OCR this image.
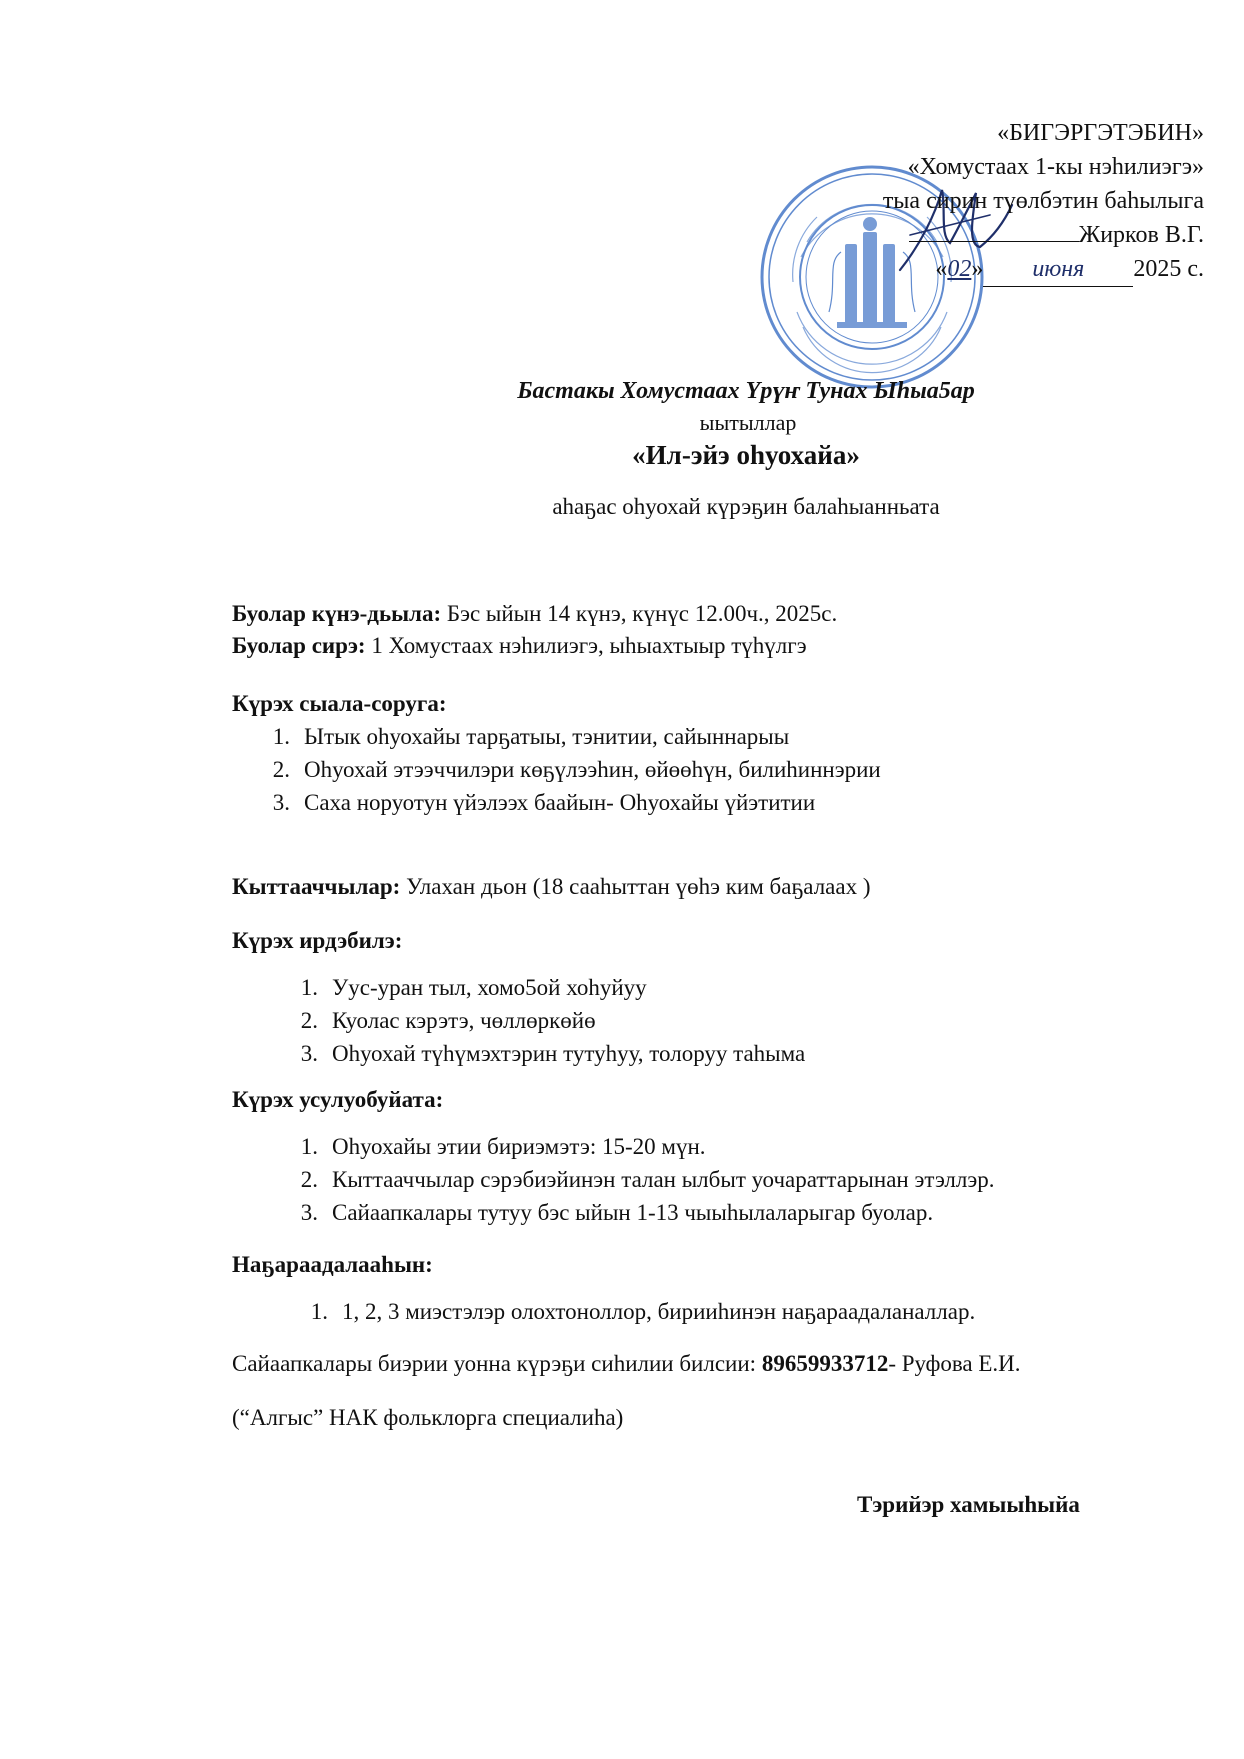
«БИГЭРГЭТЭБИН»
«Хомустаах 1-кы нэһилиэгэ»
тыа сирин түөлбэтин баһылыга
Жирков В.Г.
«02» июня 2025 с.
Бастакы Хомустаах Үрүҥ Тунах Ыһыа5ар
ыытыллар
«Ил-эйэ оһуохайа»
аһаҕас оһуохай күрэҕин балаһыанньата
Буолар күнэ-дьыла: Бэс ыйын 14 күнэ, күнүс 12.00ч., 2025с.
Буолар сирэ: 1 Хомустаах нэһилиэгэ, ыһыахтыыр түһүлгэ
Күрэх сыала-соруга:
1. Ытык оһуохайы тарҕатыы, тэнитии, сайыннарыы
2. Оһуохай этээччилэри көҕүлээһин, өйөөһүн, билиһиннэрии
3. Саха норуотун үйэлээх баайын- Оһуохайы үйэтитии
Кыттааччылар: Улахан дьон (18 сааһыттан үөһэ ким баҕалаах )
Күрэх ирдэбилэ:
1. Уус-уран тыл, хомо5ой хоһуйуу
2. Куолас кэрэтэ, чөллөркөйө
3. Оһуохай түһүмэхтэрин тутуһуу, толоруу таһыма
Күрэх усулуобуйата:
1. Оһуохайы этии бириэмэтэ: 15-20 мүн.
2. Кыттааччылар сэрэбиэйинэн талан ылбыт уочараттарынан этэллэр.
3. Сайаапкалары тутуу бэс ыйын 1-13 чыыһылаларыгар буолар.
Наҕараадалааһын:
1. 1, 2, 3 миэстэлэр олохтоноллор, бирииһинэн наҕараадаланаллар.
Сайаапкалары биэрии уонна күрэҕи сиһилии билсии: 89659933712- Руфова Е.И.
(“Алгыс” НАК фольклорга специалиһа)
Тэрийэр хамыыһыйа
